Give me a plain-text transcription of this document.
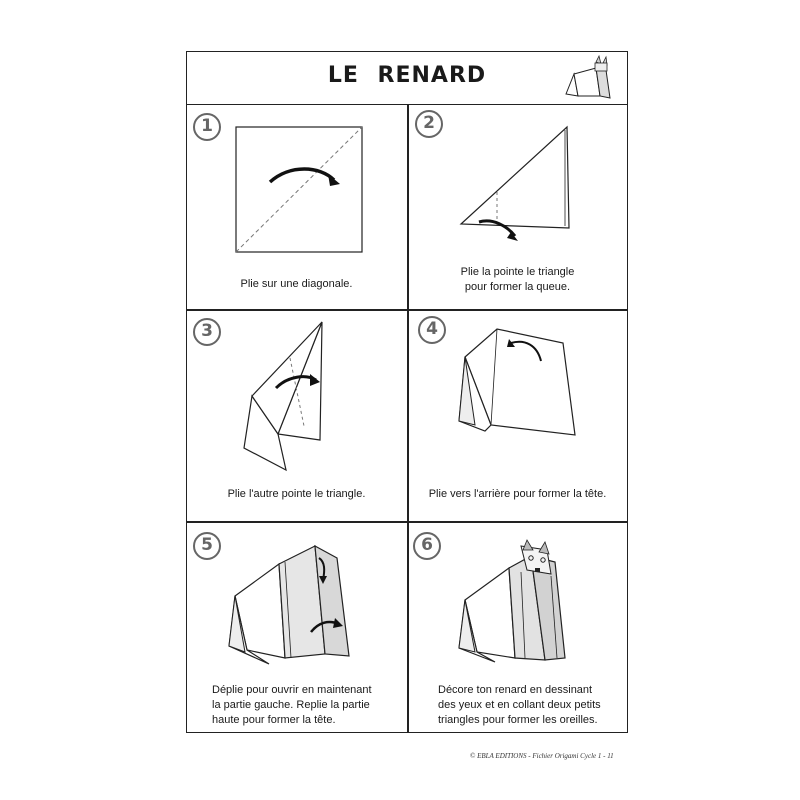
LE RENARD
1
Plie sur une diagonale.
2
Plie la pointe le triangle
pour former la queue.
3
Plie l'autre pointe le triangle.
4
Plie vers l'arrière pour former la tête.
5
Déplie pour ouvrir en maintenant
la partie gauche. Replie la partie
haute pour former la tête.
6
Décore ton renard en dessinant
des yeux et en collant deux petits
triangles pour former les oreilles.
© EBLA EDITIONS - Fichier Origami Cycle 1 - 11
